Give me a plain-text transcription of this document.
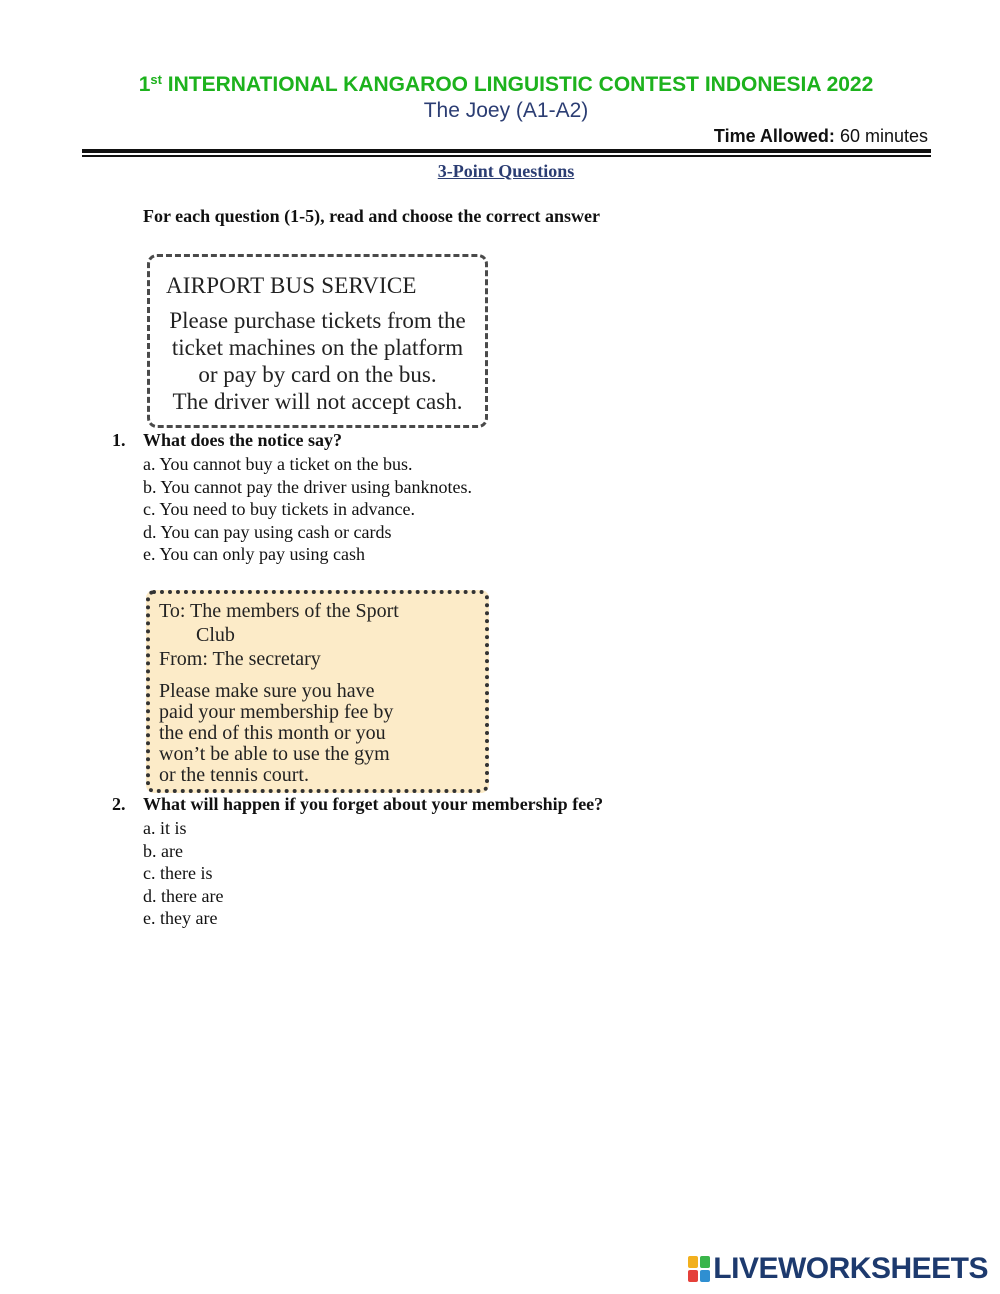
1st INTERNATIONAL KANGAROO LINGUISTIC CONTEST INDONESIA 2022
The Joey (A1-A2)
Time Allowed: 60 minutes
3-Point Questions
For each question (1-5), read and choose the correct answer
AIRPORT BUS SERVICE
Please purchase tickets from the
ticket machines on the platform
or pay by card on the bus.
The driver will not accept cash.
1. What does the notice say?
a. You cannot buy a ticket on the bus.
b. You cannot pay the driver using banknotes.
c. You need to buy tickets in advance.
d. You can pay using cash or cards
e. You can only pay using cash
To: The members of the Sport
Club
From: The secretary
Please make sure you have
paid your membership fee by
the end of this month or you
won’t be able to use the gym
or the tennis court.
2. What will happen if you forget about your membership fee?
a. it is
b. are
c. there is
d. there are
e. they are
LIVEWORKSHEETS
